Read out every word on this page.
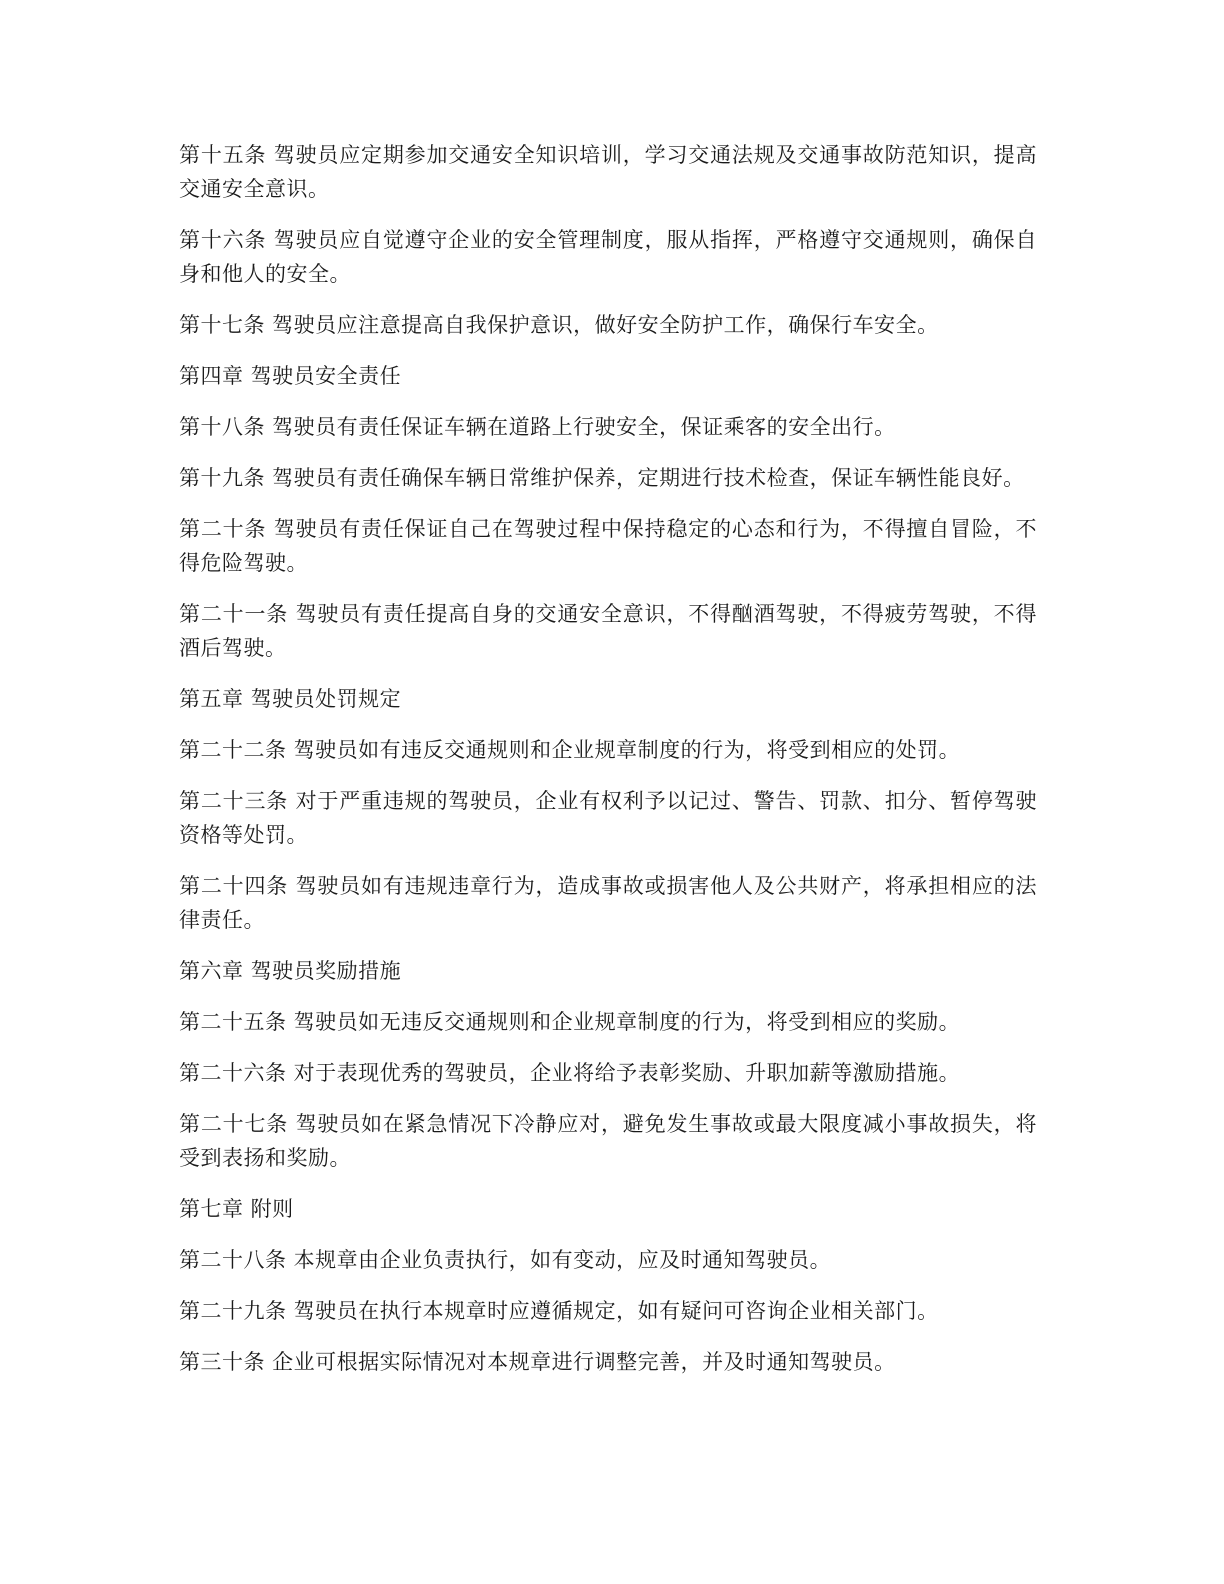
第十五条 驾驶员应定期参加交通安全知识培训，学习交通法规及交通事故防范知识，提高交通安全意识。

第十六条 驾驶员应自觉遵守企业的安全管理制度，服从指挥，严格遵守交通规则，确保自身和他人的安全。

第十七条 驾驶员应注意提高自我保护意识，做好安全防护工作，确保行车安全。

第四章 驾驶员安全责任

第十八条 驾驶员有责任保证车辆在道路上行驶安全，保证乘客的安全出行。

第十九条 驾驶员有责任确保车辆日常维护保养，定期进行技术检查，保证车辆性能良好。

第二十条 驾驶员有责任保证自己在驾驶过程中保持稳定的心态和行为，不得擅自冒险，不得危险驾驶。

第二十一条 驾驶员有责任提高自身的交通安全意识，不得酗酒驾驶，不得疲劳驾驶，不得酒后驾驶。

第五章 驾驶员处罚规定

第二十二条 驾驶员如有违反交通规则和企业规章制度的行为，将受到相应的处罚。

第二十三条 对于严重违规的驾驶员，企业有权利予以记过、警告、罚款、扣分、暂停驾驶资格等处罚。

第二十四条 驾驶员如有违规违章行为，造成事故或损害他人及公共财产，将承担相应的法律责任。

第六章 驾驶员奖励措施

第二十五条 驾驶员如无违反交通规则和企业规章制度的行为，将受到相应的奖励。

第二十六条 对于表现优秀的驾驶员，企业将给予表彰奖励、升职加薪等激励措施。

第二十七条 驾驶员如在紧急情况下冷静应对，避免发生事故或最大限度减小事故损失，将受到表扬和奖励。

第七章 附则

第二十八条 本规章由企业负责执行，如有变动，应及时通知驾驶员。

第二十九条 驾驶员在执行本规章时应遵循规定，如有疑问可咨询企业相关部门。

第三十条 企业可根据实际情况对本规章进行调整完善，并及时通知驾驶员。
